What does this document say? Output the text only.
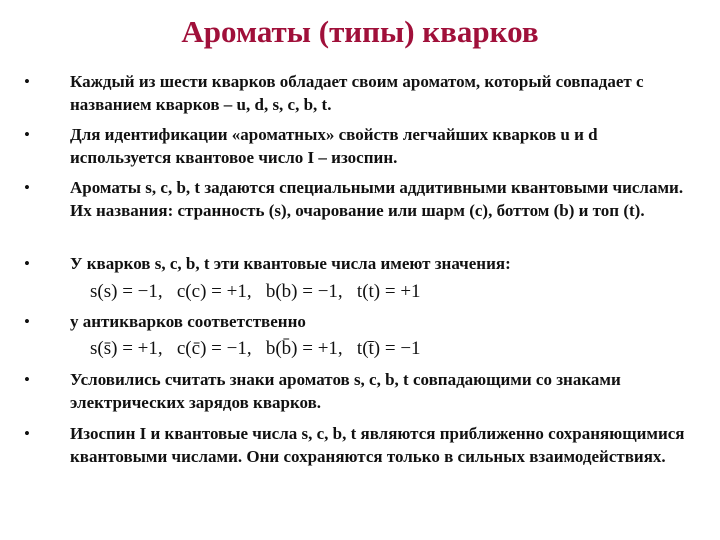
Ароматы (типы) кварков
• Каждый из шести кварков обладает своим ароматом, который совпадает с названием кварков – u, d, s, c, b, t.
• Для идентификации «ароматных» свойств легчайших кварков u и d используется квантовое число I – изоспин.
• Ароматы s, c, b, t задаются специальными аддитивными квантовыми числами. Их названия: странность (s), очарование или шарм (c), боттом (b) и топ (t).
• У кварков s, c, b, t эти квантовые числа имеют значения:
s(s) = −1,   c(c) = +1,   b(b) = −1,   t(t) = +1
• у антикварков соответственно
s(s̄) = +1,   c(c̄) = −1,   b(b̄) = +1,   t(t̄) = −1
• Условились считать знаки ароматов s, c, b, t совпадающими со знаками электрических зарядов кварков.
• Изоспин I и квантовые числа s, c, b, t являются приближенно сохраняющимися квантовыми числами. Они сохраняются только в сильных взаимодействиях.
